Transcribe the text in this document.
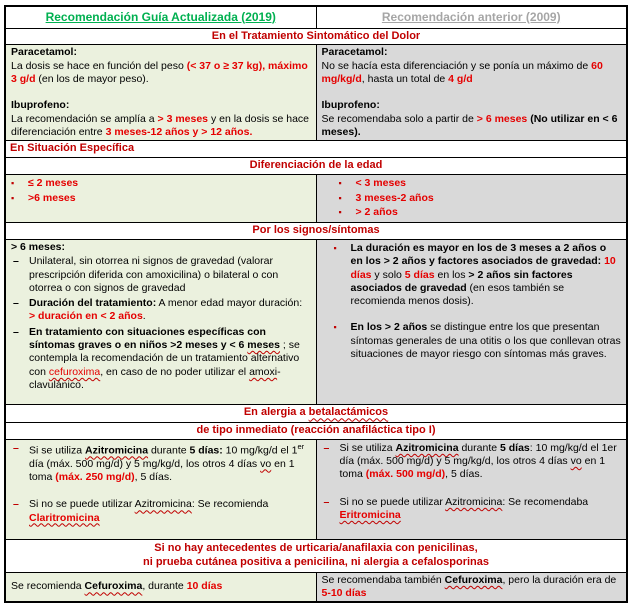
Recomendación Guía Actualizada (2019)	Recomendación anterior (2009)
En el Tratamiento Sintomático del Dolor	

Paracetamol:
La dosis se hace en función del peso (< 37 o ≥ 37 kg), máximo 3 g/d (en los de mayor peso).
Ibuprofeno:
La recomendación se amplía a > 3 meses y en la dosis se hace diferenciación entre 3 meses-12 años y > 12 años.

Paracetamol:
No se hacía esta diferenciación y se ponía un máximo de 60 mg/kg/d, hasta un total de 4 g/d
Ibuprofeno:
Se recomendaba solo a partir de > 6 meses (No utilizar en < 6 meses).

En Situación Específica	
Diferenciación de la edad	

▪	≤ 2 meses
▪	>6 meses

▪	< 3 meses
▪	3 meses-2 años
▪	> 2 años

Por los signos/síntomas	

> 6 meses:
– Unilateral, sin otorrea ni signos de gravedad (valorar prescripción diferida con amoxicilina) o bilateral o con otorrea o con signos de gravedad
– Duración del tratamiento: A menor edad mayor duración: > duración en < 2 años.
– En tratamiento con situaciones específicas con síntomas graves o en niños >2 meses y < 6 meses ; se contempla la recomendación de un tratamiento alternativo con cefuroxima, en caso de no poder utilizar el amoxi-clavulánico.

▪	La duración es mayor en los de 3 meses a 2 años o en los > 2 años y factores asociados de gravedad: 10 días y solo 5 días en los > 2 años sin factores asociados de gravedad (en esos también se recomienda menos dosis).
▪	En los > 2 años se distingue entre los que presentan síntomas generales de una otitis o los que conllevan otras situaciones de mayor riesgo con síntomas más graves.

En alergia a betalactámicos	
de tipo inmediato (reacción anafiláctica tipo I)	

– Si se utiliza Azitromicina durante 5 días: 10 mg/kg/d el 1er día (máx. 500 mg/d) y 5 mg/kg/d, los otros 4 días vo en 1 toma (máx. 250 mg/d), 5 días.
– Si no se puede utilizar Azitromicina: Se recomienda Claritromicina

– Si se utiliza Azitromicina durante 5 días: 10 mg/kg/d el 1er día (máx. 500 mg/d) y 5 mg/kg/d, los otros 4 días vo en 1 toma (máx. 500 mg/d), 5 días.
– Si no se puede utilizar Azitromicina: Se recomendaba Eritromicina

Si no hay antecedentes de urticaria/anafilaxia con penicilinas,
ni prueba cutánea positiva a penicilina, ni alergia a cefalosporinas	

Se recomienda Cefuroxima, durante 10 días	Se recomendaba también Cefuroxima, pero la duración era de 5-10 días
